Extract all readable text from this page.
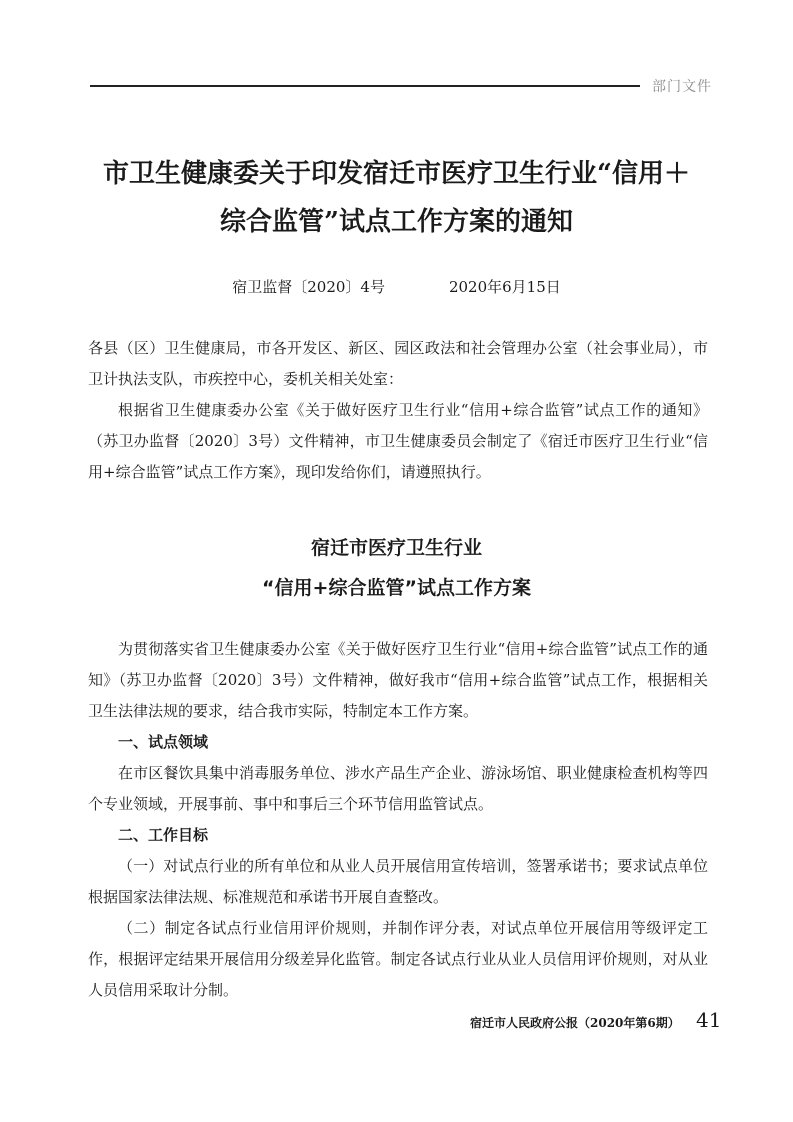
部门文件
市卫生健康委关于印发宿迁市医疗卫生行业“信用＋
综合监管”试点工作方案的通知
宿卫监督〔2020〕4号	2020年6月15日

各县（区）卫生健康局，市各开发区、新区、园区政法和社会管理办公室（社会事业局），市卫计执法支队，市疾控中心，委机关相关处室：

根据省卫生健康委办公室《关于做好医疗卫生行业“信用+综合监管”试点工作的通知》（苏卫办监督〔2020〕3号）文件精神，市卫生健康委员会制定了《宿迁市医疗卫生行业“信用+综合监管”试点工作方案》，现印发给你们，请遵照执行。

宿迁市医疗卫生行业
“信用+综合监管”试点工作方案

为贯彻落实省卫生健康委办公室《关于做好医疗卫生行业“信用+综合监管”试点工作的通知》（苏卫办监督〔2020〕3号）文件精神，做好我市“信用+综合监管”试点工作，根据相关卫生法律法规的要求，结合我市实际，特制定本工作方案。

一、试点领域

在市区餐饮具集中消毒服务单位、涉水产品生产企业、游泳场馆、职业健康检查机构等四个专业领域，开展事前、事中和事后三个环节信用监管试点。

二、工作目标

（一）对试点行业的所有单位和从业人员开展信用宣传培训，签署承诺书；要求试点单位根据国家法律法规、标准规范和承诺书开展自查整改。

（二）制定各试点行业信用评价规则，并制作评分表，对试点单位开展信用等级评定工作，根据评定结果开展信用分级差异化监管。制定各试点行业从业人员信用评价规则，对从业人员信用采取计分制。

宿迁市人民政府公报（2020年第6期） 41
